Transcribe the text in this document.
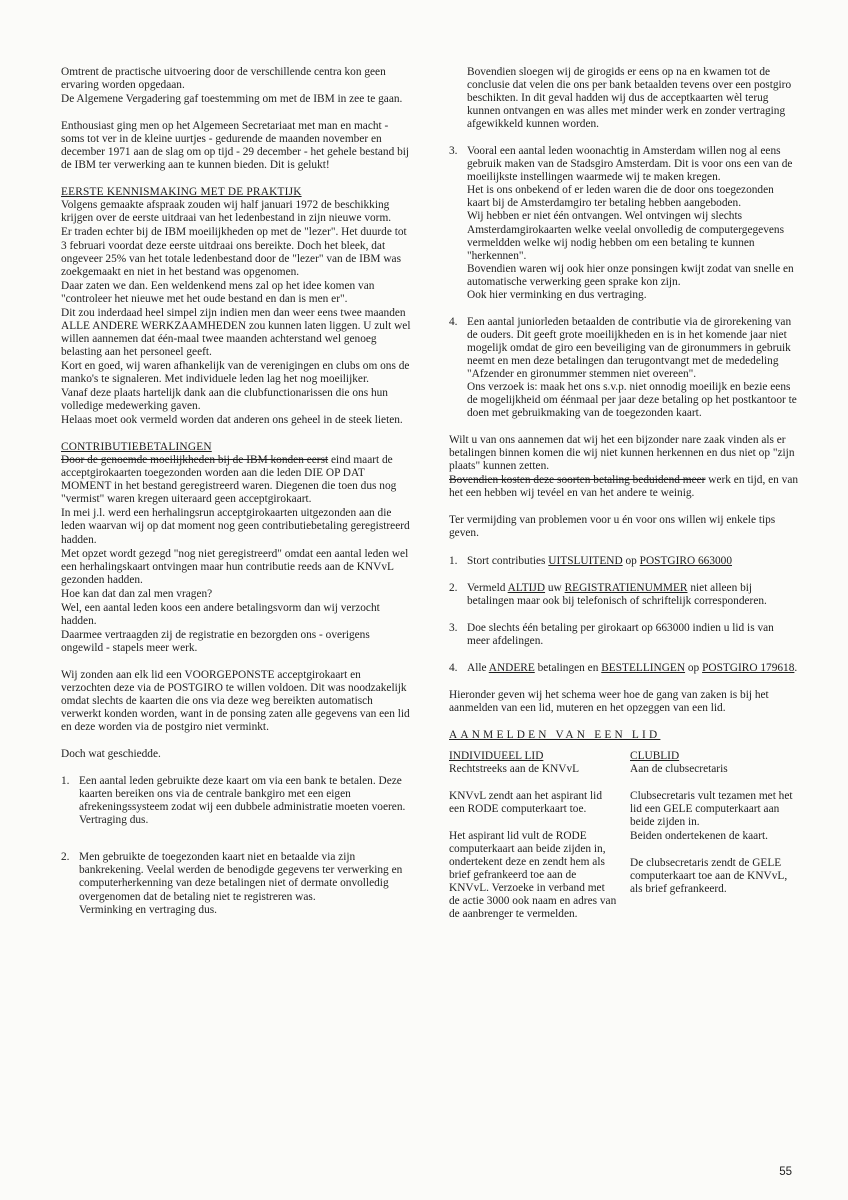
Omtrent de practische uitvoering door de verschillende centra kon geen ervaring worden opgedaan.

De Algemene Vergadering gaf toestemming om met de IBM in zee te gaan.

Enthousiast ging men op het Algemeen Secretariaat met man en macht - soms tot ver in de kleine uurtjes - gedurende de maanden november en december 1971 aan de slag om op tijd - 29 december - het gehele bestand bij de IBM ter verwerking aan te kunnen bieden. Dit is gelukt!

EERSTE KENNISMAKING MET DE PRAKTIJK

Volgens gemaakte afspraak zouden wij half januari 1972 de beschikking krijgen over de eerste uitdraai van het ledenbestand in zijn nieuwe vorm.

Er traden echter bij de IBM moeilijkheden op met de "lezer". Het duurde tot 3 februari voordat deze eerste uitdraai ons bereikte. Doch het bleek, dat ongeveer 25% van het totale ledenbestand door de "lezer" van de IBM was zoekgemaakt en niet in het bestand was opgenomen.

Daar zaten we dan. Een weldenkend mens zal op het idee komen van "controleer het nieuwe met het oude bestand en dan is men er".

Dit zou inderdaad heel simpel zijn indien men dan weer eens twee maanden ALLE ANDERE WERKZAAMHEDEN zou kunnen laten liggen. U zult wel willen aannemen dat één-maal twee maanden achterstand wel genoeg belasting aan het personeel geeft.

Kort en goed, wij waren afhankelijk van de verenigingen en clubs om ons de manko's te signaleren. Met individuele leden lag het nog moeilijker.

Vanaf deze plaats hartelijk dank aan die clubfunctionarissen die ons hun volledige medewerking gaven.

Helaas moet ook vermeld worden dat anderen ons geheel in de steek lieten.

CONTRIBUTIEBETALINGEN

Door de genoemde moeilijkheden bij de IBM konden eerst eind maart de acceptgirokaarten toegezonden worden aan die leden DIE OP DAT MOMENT in het bestand geregistreerd waren. Diegenen die toen dus nog "vermist" waren kregen uiteraard geen acceptgirokaart.

In mei j.l. werd een herhalingsrun acceptgirokaarten uitgezonden aan die leden waarvan wij op dat moment nog geen contributiebetaling geregistreerd hadden.

Met opzet wordt gezegd "nog niet geregistreerd" omdat een aantal leden wel een herhalingskaart ontvingen maar hun contributie reeds aan de KNVvL gezonden hadden.

Hoe kan dat dan zal men vragen?

Wel, een aantal leden koos een andere betalingsvorm dan wij verzocht hadden.

Daarmee vertraagden zij de registratie en bezorgden ons - overigens ongewild - stapels meer werk.

Wij zonden aan elk lid een VOORGEPONSTE acceptgirokaart en verzochten deze via de POSTGIRO te willen voldoen. Dit was noodzakelijk omdat slechts de kaarten die ons via deze weg bereikten automatisch verwerkt konden worden, want in de ponsing zaten alle gegevens van een lid en deze worden via de postgiro niet verminkt.

Doch wat geschiedde.

1. Een aantal leden gebruikte deze kaart om via een bank te betalen. Deze kaarten bereiken ons via de centrale bankgiro met een eigen afrekeningssysteem zodat wij een dubbele administratie moeten voeren. Vertraging dus.
2. Men gebruikte de toegezonden kaart niet en betaalde via zijn bankrekening. Veelal werden de benodigde gegevens ter verwerking en computerherkenning van deze betalingen niet of dermate onvolledig overgenomen dat de betaling niet te registreren was.
Verminking en vertraging dus.

Bovendien sloegen wij de girogids er eens op na en kwamen tot de conclusie dat velen die ons per bank betaalden tevens over een postgiro beschikten. In dit geval hadden wij dus de acceptkaarten wèl terug kunnen ontvangen en was alles met minder werk en zonder vertraging afgewikkeld kunnen worden.

3. Vooral een aantal leden woonachtig in Amsterdam willen nog al eens gebruik maken van de Stadsgiro Amsterdam. Dit is voor ons een van de moeilijkste instellingen waarmede wij te maken kregen.
Het is ons onbekend of er leden waren die de door ons toegezonden kaart bij de Amsterdamgiro ter betaling hebben aangeboden.
Wij hebben er niet één ontvangen. Wel ontvingen wij slechts Amsterdamgirokaarten welke veelal onvolledig de computergegevens vermeldden welke wij nodig hebben om een betaling te kunnen "herkennen".
Bovendien waren wij ook hier onze ponsingen kwijt zodat van snelle en automatische verwerking geen sprake kon zijn.
Ook hier verminking en dus vertraging.
4. Een aantal juniorleden betaalden de contributie via de girorekening van de ouders. Dit geeft grote moeilijkheden en is in het komende jaar niet mogelijk omdat de giro een beveiliging van de gironummers in gebruik neemt en men deze betalingen dan terugontvangt met de mededeling "Afzender en gironummer stemmen niet overeen".
Ons verzoek is: maak het ons s.v.p. niet onnodig moeilijk en bezie eens de mogelijkheid om éénmaal per jaar deze betaling op het postkantoor te doen met gebruikmaking van de toegezonden kaart.

Wilt u van ons aannemen dat wij het een bijzonder nare zaak vinden als er betalingen binnen komen die wij niet kunnen herkennen en dus niet op "zijn plaats" kunnen zetten.

Bovendien kosten deze soorten betaling beduidend meer werk en tijd, en van het een hebben wij tevéel en van het andere te weinig.

Ter vermijding van problemen voor u én voor ons willen wij enkele tips geven.

1. Stort contributies UITSLUITEND op POSTGIRO 663000
2. Vermeld ALTIJD uw REGISTRATIENUMMER niet alleen bij betalingen maar ook bij telefonisch of schriftelijk corresponderen.
3. Doe slechts één betaling per girokaart op 663000 indien u lid is van meer afdelingen.
4. Alle ANDERE betalingen en BESTELLINGEN op POSTGIRO 179618.

Hieronder geven wij het schema weer hoe de gang van zaken is bij het aanmelden van een lid, muteren en het opzeggen van een lid.

AANMELDEN VAN EEN LID
INDIVIDUEEL LID

Rechtstreeks aan de KNVvL

KNVvL zendt aan het aspirant lid een RODE computerkaart toe.

Het aspirant lid vult de RODE computerkaart aan beide zijden in, ondertekent deze en zendt hem als brief gefrankeerd toe aan de KNVvL. Verzoeke in verband met de actie 3000 ook naam en adres van de aanbrenger te vermelden.

CLUBLID

Aan de clubsecretaris

Clubsecretaris vult tezamen met het lid een GELE computerkaart aan beide zijden in.

Beiden ondertekenen de kaart.

De clubsecretaris zendt de GELE computerkaart toe aan de KNVvL, als brief gefrankeerd.

55
